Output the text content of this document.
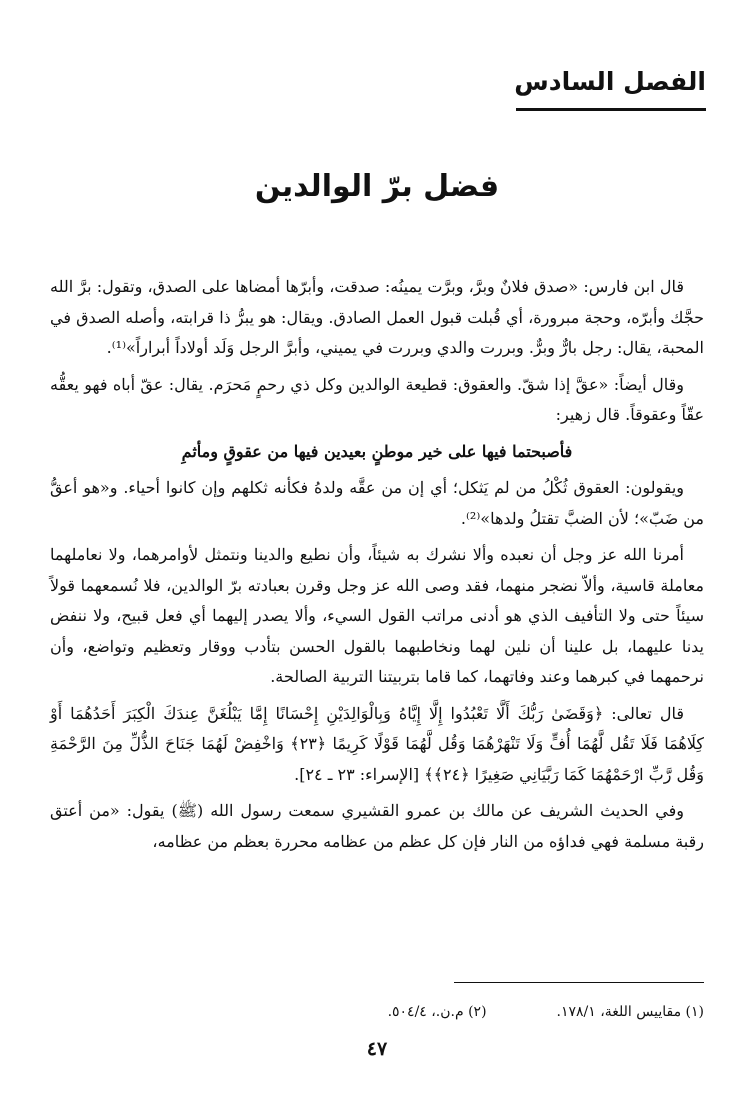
الفصل السادس
فضل برّ الوالدين

قال ابن فارس: «صدق فلانٌ وبرَّ، وبرَّت يمينُه: صدقت، وأبرّها أمضاها على الصدق، وتقول: برَّ الله حجَّك وأبرّه، وحجة مبرورة، أي قُبلت قبول العمل الصادق. ويقال: هو يبرُّ ذا قرابته، وأصله الصدق في المحبة، يقال: رجل بارٌّ وبرٌّ. وبررت والدي وبررت في يميني، وأبرَّ الرجل وَلَد أولاداً أبراراً»⁽¹⁾.

وقال أيضاً: «عقَّ إذا شقّ. والعقوق: قطيعة الوالدين وكل ذي رحمٍ مَحرَم. يقال: عقّ أباه فهو يعقُّه عقّاً وعقوقاً. قال زهير:

فأصبحتما فيها على خير موطنٍ بعيدين فيها من عقوقٍ ومأثمِ

ويقولون: العقوق ثُكْلُ من لم يَثكل؛ أي إن من عقَّه ولدهُ فكأنه ثكلهم وإن كانوا أحياء. و«هو أعقُّ من ضَبّ»؛ لأن الضبَّ تقتلُ ولدها»⁽²⁾.

أمرنا الله عز وجل أن نعبده وألا نشرك به شيئاً، وأن نطيع والدينا ونتمثل لأوامرهما، ولا نعاملهما معاملة قاسية، وألاّ نضجر منهما، فقد وصى الله عز وجل وقرن بعبادته برّ الوالدين، فلا نُسمعهما قولاً سيئاً حتى ولا التأفيف الذي هو أدنى مراتب القول السيء، وألا يصدر إليهما أي فعل قبيح، ولا ننفض يدنا عليهما، بل علينا أن نلين لهما ونخاطبهما بالقول الحسن بتأدب ووقار وتعظيم وتواضع، وأن نرحمهما في كبرهما وعند وفاتهما، كما قاما بتربيتنا التربية الصالحة.

قال تعالى: ﴿وَقَضَىٰ رَبُّكَ أَلَّا تَعْبُدُوا إِلَّا إِيَّاهُ وَبِالْوَالِدَيْنِ إِحْسَانًا إِمَّا يَبْلُغَنَّ عِندَكَ الْكِبَرَ أَحَدُهُمَا أَوْ كِلَاهُمَا فَلَا تَقُل لَّهُمَا أُفٍّ وَلَا تَنْهَرْهُمَا وَقُل لَّهُمَا قَوْلًا كَرِيمًا ﴿٢٣﴾ وَاخْفِضْ لَهُمَا جَنَاحَ الذُّلِّ مِنَ الرَّحْمَةِ وَقُل رَّبِّ ارْحَمْهُمَا كَمَا رَبَّيَانِي صَغِيرًا ﴿٢٤﴾﴾ [الإسراء: ٢٣ ـ ٢٤].

وفي الحديث الشريف عن مالك بن عمرو القشيري سمعت رسول الله (ﷺ) يقول: «من أعتق رقبة مسلمة فهي فداؤه من النار فإن كل عظم من عظامه محررة بعظم من عظامه،

(١) مقاييس اللغة، ١٧٨/١.
(٢) م.ن.، ٥٠٤/٤.
٤٧
